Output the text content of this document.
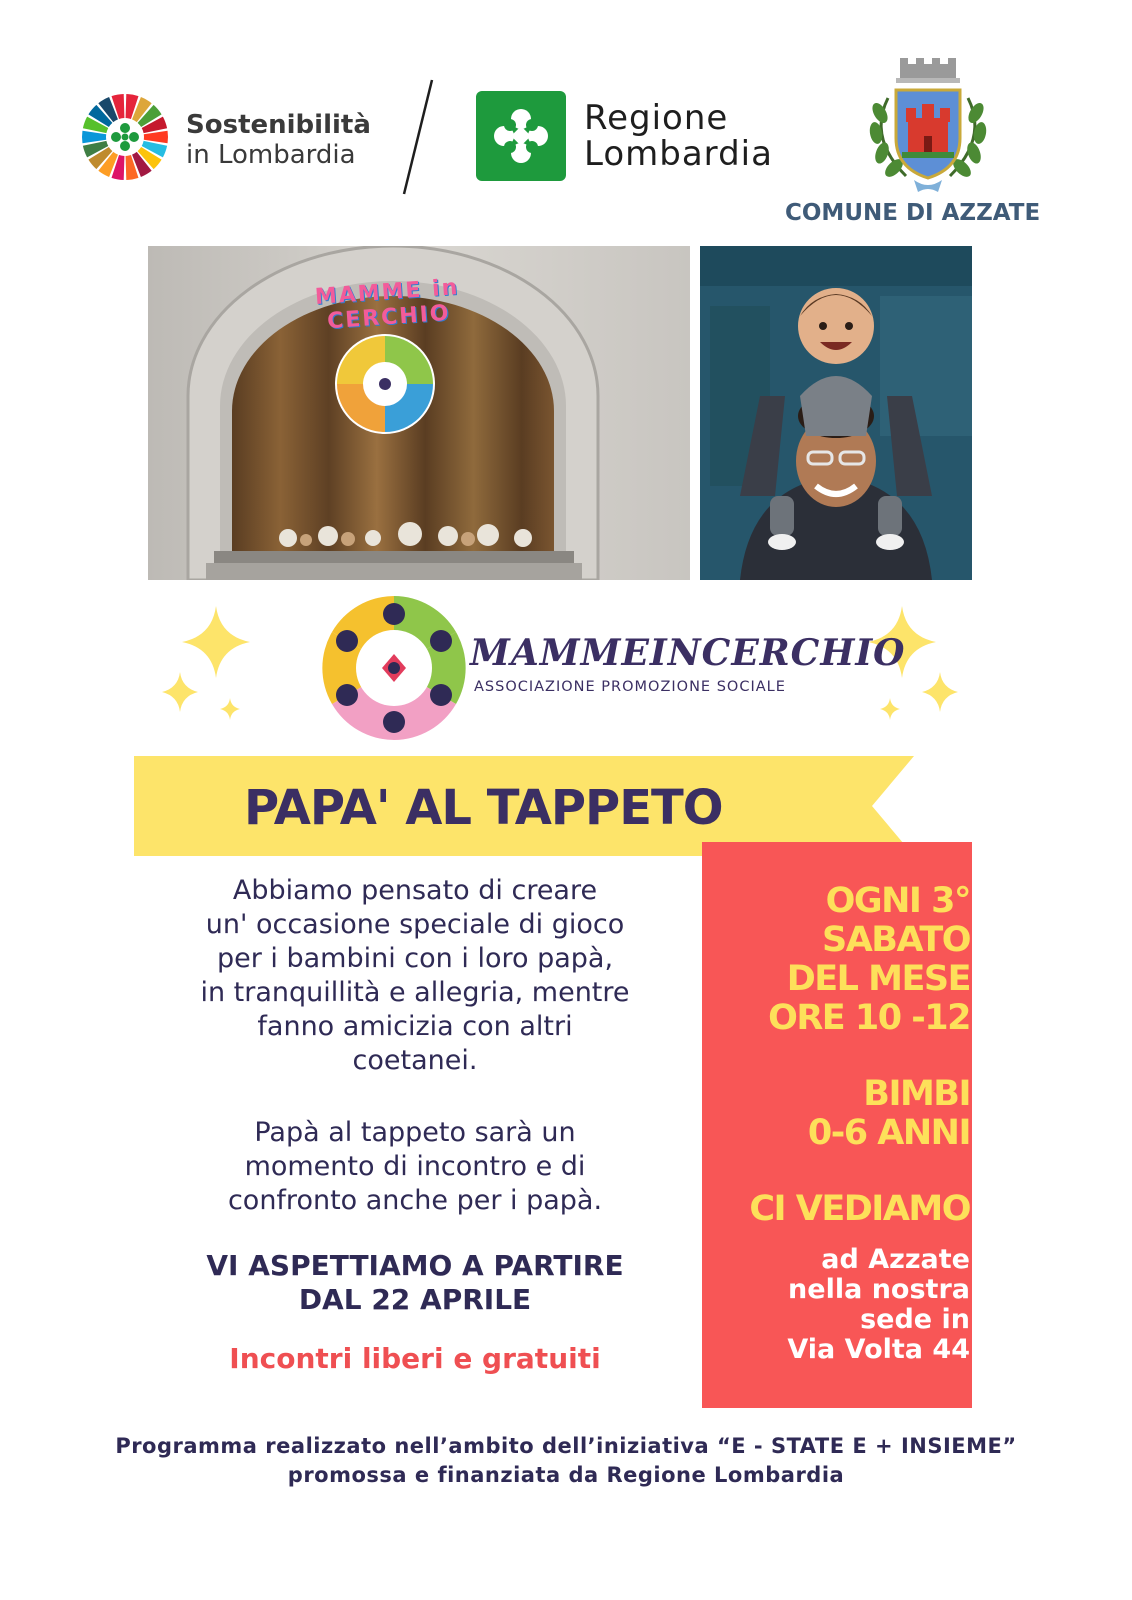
Sostenibilità
in Lombardia
Regione
Lombardia
COMUNE DI AZZATE
MAMME in CERCHIO
MAMMEINCERCHIO
ASSOCIAZIONE PROMOZIONE SOCIALE
PAPA' AL TAPPETO
Abbiamo pensato di creare
un' occasione speciale di gioco
per i bambini con i loro papà,
in tranquillità e allegria, mentre
fanno amicizia con altri
coetanei.
Papà al tappeto sarà un
momento di incontro e di
confronto anche per i papà.
VI ASPETTIAMO A PARTIRE
DAL 22 APRILE
Incontri liberi e gratuiti
OGNI 3°
SABATO
DEL MESE
ORE 10 -12
BIMBI
0-6 ANNI
CI VEDIAMO
ad Azzate
nella nostra
sede in
Via Volta 44
Programma realizzato nell’ambito dell’iniziativa “E - STATE E + INSIEME”
promossa e finanziata da Regione Lombardia
